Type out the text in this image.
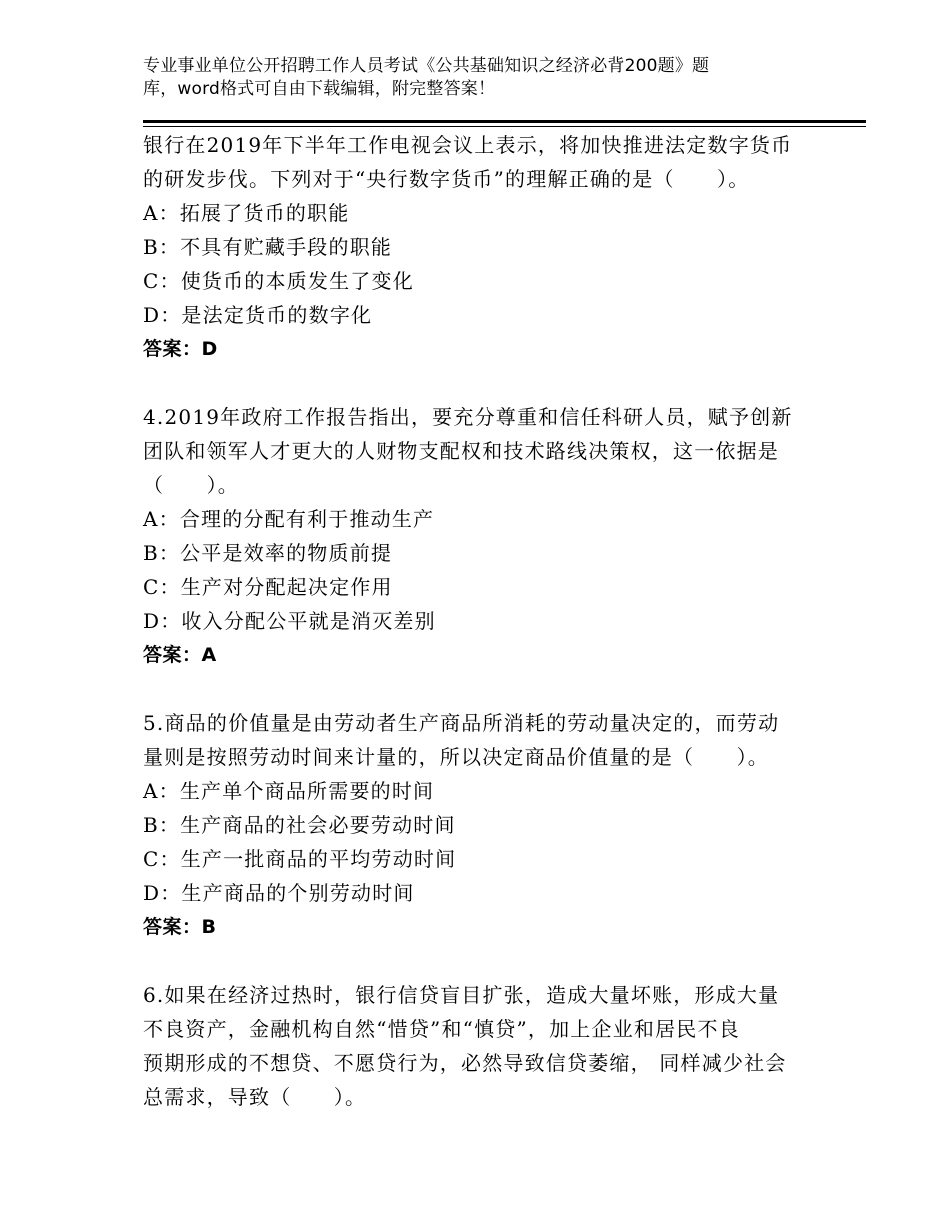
专业事业单位公开招聘工作人员考试《公共基础知识之经济必背200题》题
库，word格式可自由下载编辑，附完整答案！
银行在2019年下半年工作电视会议上表示，将加快推进法定数字货币
的研发步伐。下列对于“央行数字货币”的理解正确的是（　　）。
A：拓展了货币的职能
B：不具有贮藏手段的职能
C：使货币的本质发生了变化
D：是法定货币的数字化
答案：D
4.2019年政府工作报告指出，要充分尊重和信任科研人员，赋予创新
团队和领军人才更大的人财物支配权和技术路线决策权，这一依据是
（　　）。
A：合理的分配有利于推动生产
B：公平是效率的物质前提
C：生产对分配起决定作用
D：收入分配公平就是消灭差别
答案：A
5.商品的价值量是由劳动者生产商品所消耗的劳动量决定的，而劳动
量则是按照劳动时间来计量的，所以决定商品价值量的是（　　）。
A：生产单个商品所需要的时间
B：生产商品的社会必要劳动时间
C：生产一批商品的平均劳动时间
D：生产商品的个别劳动时间
答案：B
6.如果在经济过热时，银行信贷盲目扩张，造成大量坏账，形成大量
不良资产，金融机构自然“惜贷”和“慎贷”，加上企业和居民不良
预期形成的不想贷、不愿贷行为，必然导致信贷萎缩， 同样减少社会
总需求，导致（　　）。
